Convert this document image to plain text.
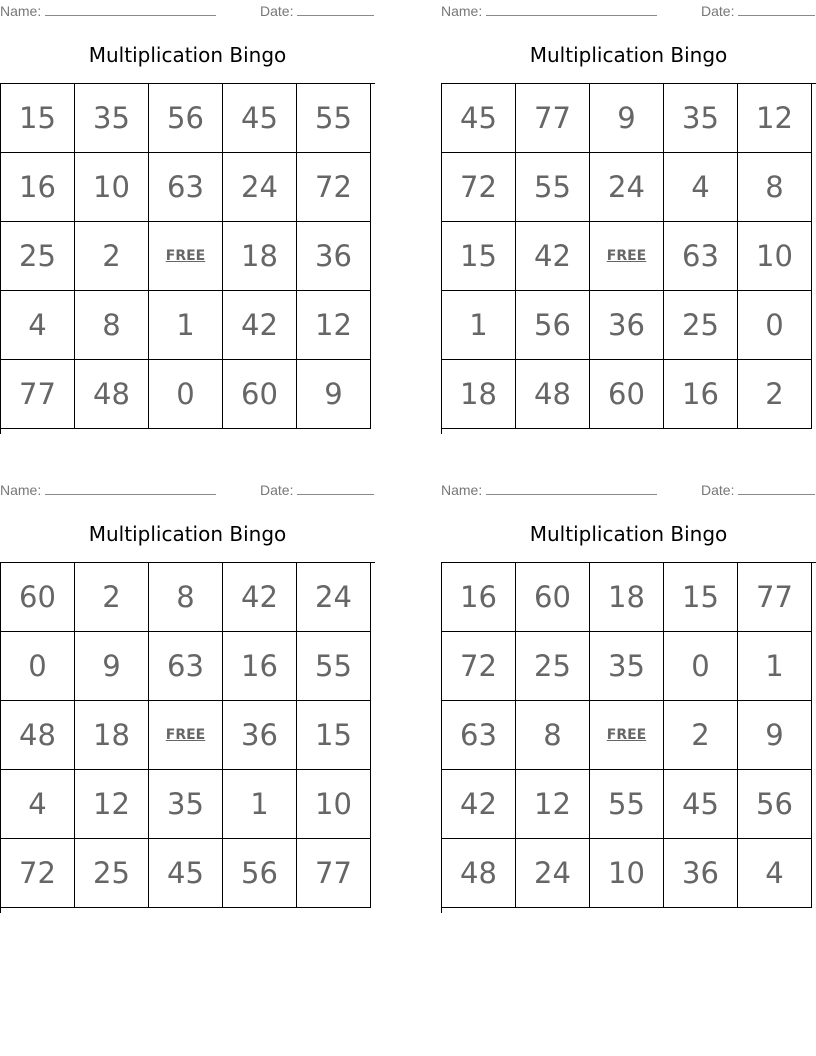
Name:	Date:
Multiplication Bingo
15	35	56	45	55
16	10	63	24	72
25	2	FREE	18	36
4	8	1	42	12
77	48	0	60	9
Name:	Date:
Multiplication Bingo
45	77	9	35	12
72	55	24	4	8
15	42	FREE	63	10
1	56	36	25	0
18	48	60	16	2
Name:	Date:
Multiplication Bingo
60	2	8	42	24
0	9	63	16	55
48	18	FREE	36	15
4	12	35	1	10
72	25	45	56	77
Name:	Date:
Multiplication Bingo
16	60	18	15	77
72	25	35	0	1
63	8	FREE	2	9
42	12	55	45	56
48	24	10	36	4
